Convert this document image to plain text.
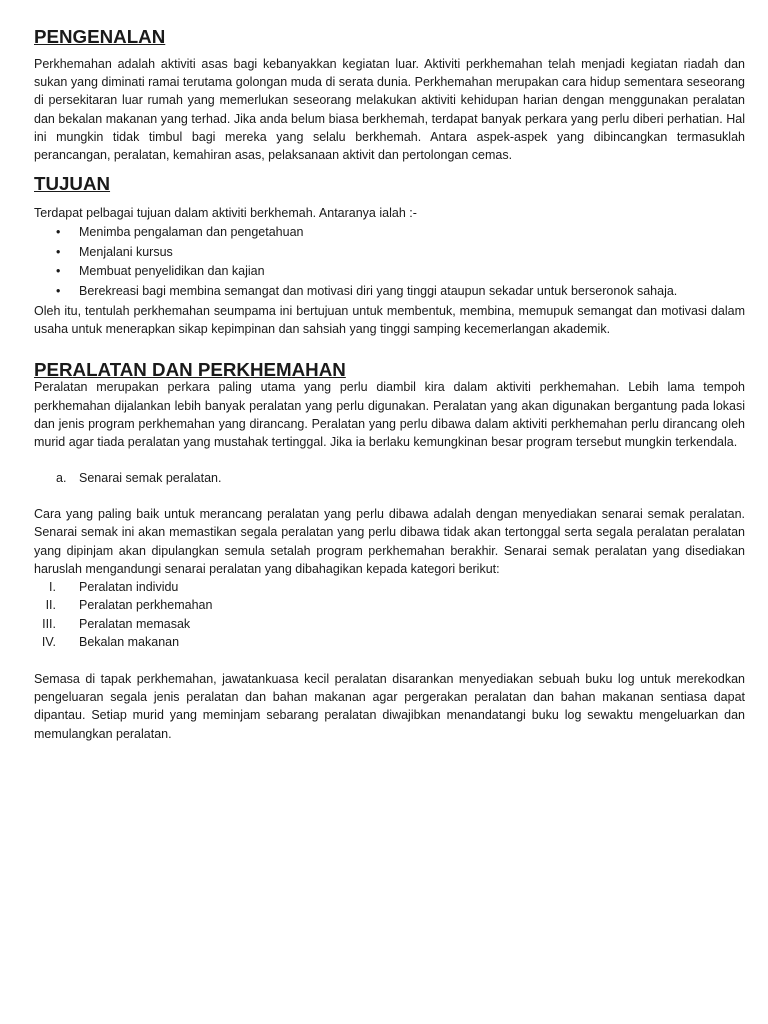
PENGENALAN

Perkhemahan adalah aktiviti asas bagi kebanyakkan kegiatan luar. Aktiviti perkhemahan telah menjadi kegiatan riadah dan sukan yang diminati ramai terutama golongan muda di serata dunia. Perkhemahan merupakan cara hidup sementara seseorang di persekitaran luar rumah yang memerlukan seseorang melakukan aktiviti kehidupan harian dengan menggunakan peralatan dan bekalan makanan yang terhad. Jika anda belum biasa berkhemah, terdapat banyak perkara yang perlu diberi perhatian. Hal ini mungkin tidak timbul bagi mereka yang selalu berkhemah. Antara aspek-aspek yang dibincangkan termasuklah perancangan, peralatan, kemahiran asas, pelaksanaan aktivit dan pertolongan cemas.

TUJUAN

Terdapat pelbagai tujuan dalam aktiviti berkhemah. Antaranya ialah :-

• Menimba pengalaman dan pengetahuan
• Menjalani kursus
• Membuat penyelidikan dan kajian
• Berekreasi bagi membina semangat dan motivasi diri yang tinggi ataupun sekadar untuk berseronok sahaja.

Oleh itu, tentulah perkhemahan seumpama ini bertujuan untuk membentuk, membina, memupuk semangat dan motivasi dalam usaha untuk menerapkan sikap kepimpinan dan sahsiah yang tinggi samping kecemerlangan akademik.

PERALATAN DAN PERKHEMAHAN

Peralatan merupakan perkara paling utama yang perlu diambil kira dalam aktiviti perkhemahan. Lebih lama tempoh perkhemahan dijalankan lebih banyak peralatan yang perlu digunakan. Peralatan yang akan digunakan bergantung pada lokasi dan jenis program perkhemahan yang dirancang. Peralatan yang perlu dibawa dalam aktiviti perkhemahan perlu dirancang oleh murid agar tiada peralatan yang mustahak tertinggal. Jika ia berlaku kemungkinan besar program tersebut mungkin terkendala.

a. Senarai semak peralatan.

Cara yang paling baik untuk merancang peralatan yang perlu dibawa adalah dengan menyediakan senarai semak peralatan. Senarai semak ini akan memastikan segala peralatan yang perlu dibawa tidak akan tertonggal serta segala peralatan peralatan yang dipinjam akan dipulangkan semula setalah program perkhemahan berakhir. Senarai semak peralatan yang disediakan haruslah mengandungi senarai peralatan yang dibahagikan kepada kategori berikut:

I. Peralatan individu
II. Peralatan perkhemahan
III. Peralatan memasak
IV. Bekalan makanan

Semasa di tapak perkhemahan, jawatankuasa kecil peralatan disarankan menyediakan sebuah buku log untuk merekodkan pengeluaran segala jenis peralatan dan bahan makanan agar pergerakan peralatan dan bahan makanan sentiasa dapat dipantau. Setiap murid yang meminjam sebarang peralatan diwajibkan menandatangi buku log sewaktu mengeluarkan dan memulangkan peralatan.
